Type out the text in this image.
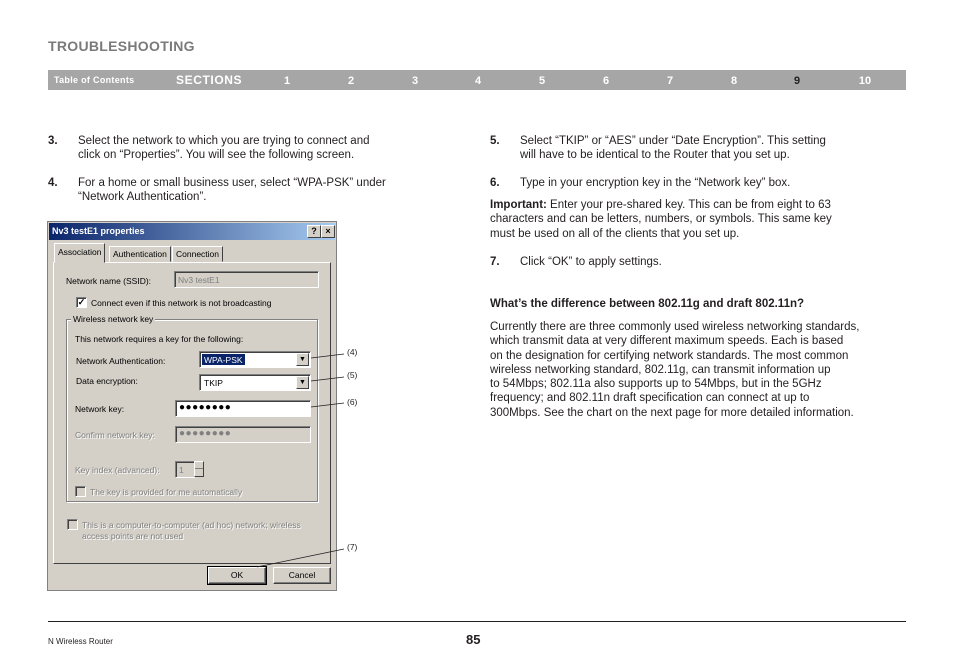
TROUBLESHOOTING
Table of Contents	SECTIONS	1	2	3	4	5	6	7	8	9	10
3. Select the network to which you are trying to connect and
click on “Properties”. You will see the following screen.
4. For a home or small business user, select “WPA-PSK” under
“Network Authentication”.
Nv3 testE1 properties	? ×
Association	Authentication	Connection
Network name (SSID):	Nv3 testE1
✓ Connect even if this network is not broadcasting
Wireless network key
This network requires a key for the following:
Network Authentication:	WPA-PSK	▼
Data encryption:	TKIP	▼
Network key:	●●●●●●●●
Confirm network key:	●●●●●●●●
Key index (advanced):	1
The key is provided for me automatically
This is a computer-to-computer (ad hoc) network; wireless
access points are not used
OK	Cancel
(4)
(5)
(6)
(7)
5. Select “TKIP” or “AES” under “Date Encryption”. This setting
will have to be identical to the Router that you set up.
6. Type in your encryption key in the “Network key” box.
Important: Enter your pre-shared key. This can be from eight to 63
characters and can be letters, numbers, or symbols. This same key
must be used on all of the clients that you set up.
7. Click “OK” to apply settings.
What’s the difference between 802.11g and draft 802.11n?
Currently there are three commonly used wireless networking standards,
which transmit data at very different maximum speeds. Each is based
on the designation for certifying network standards. The most common
wireless networking standard, 802.11g, can transmit information up
to 54Mbps; 802.11a also supports up to 54Mbps, but in the 5GHz
frequency; and 802.11n draft specification can connect at up to
300Mbps. See the chart on the next page for more detailed information.
N Wireless Router	85
